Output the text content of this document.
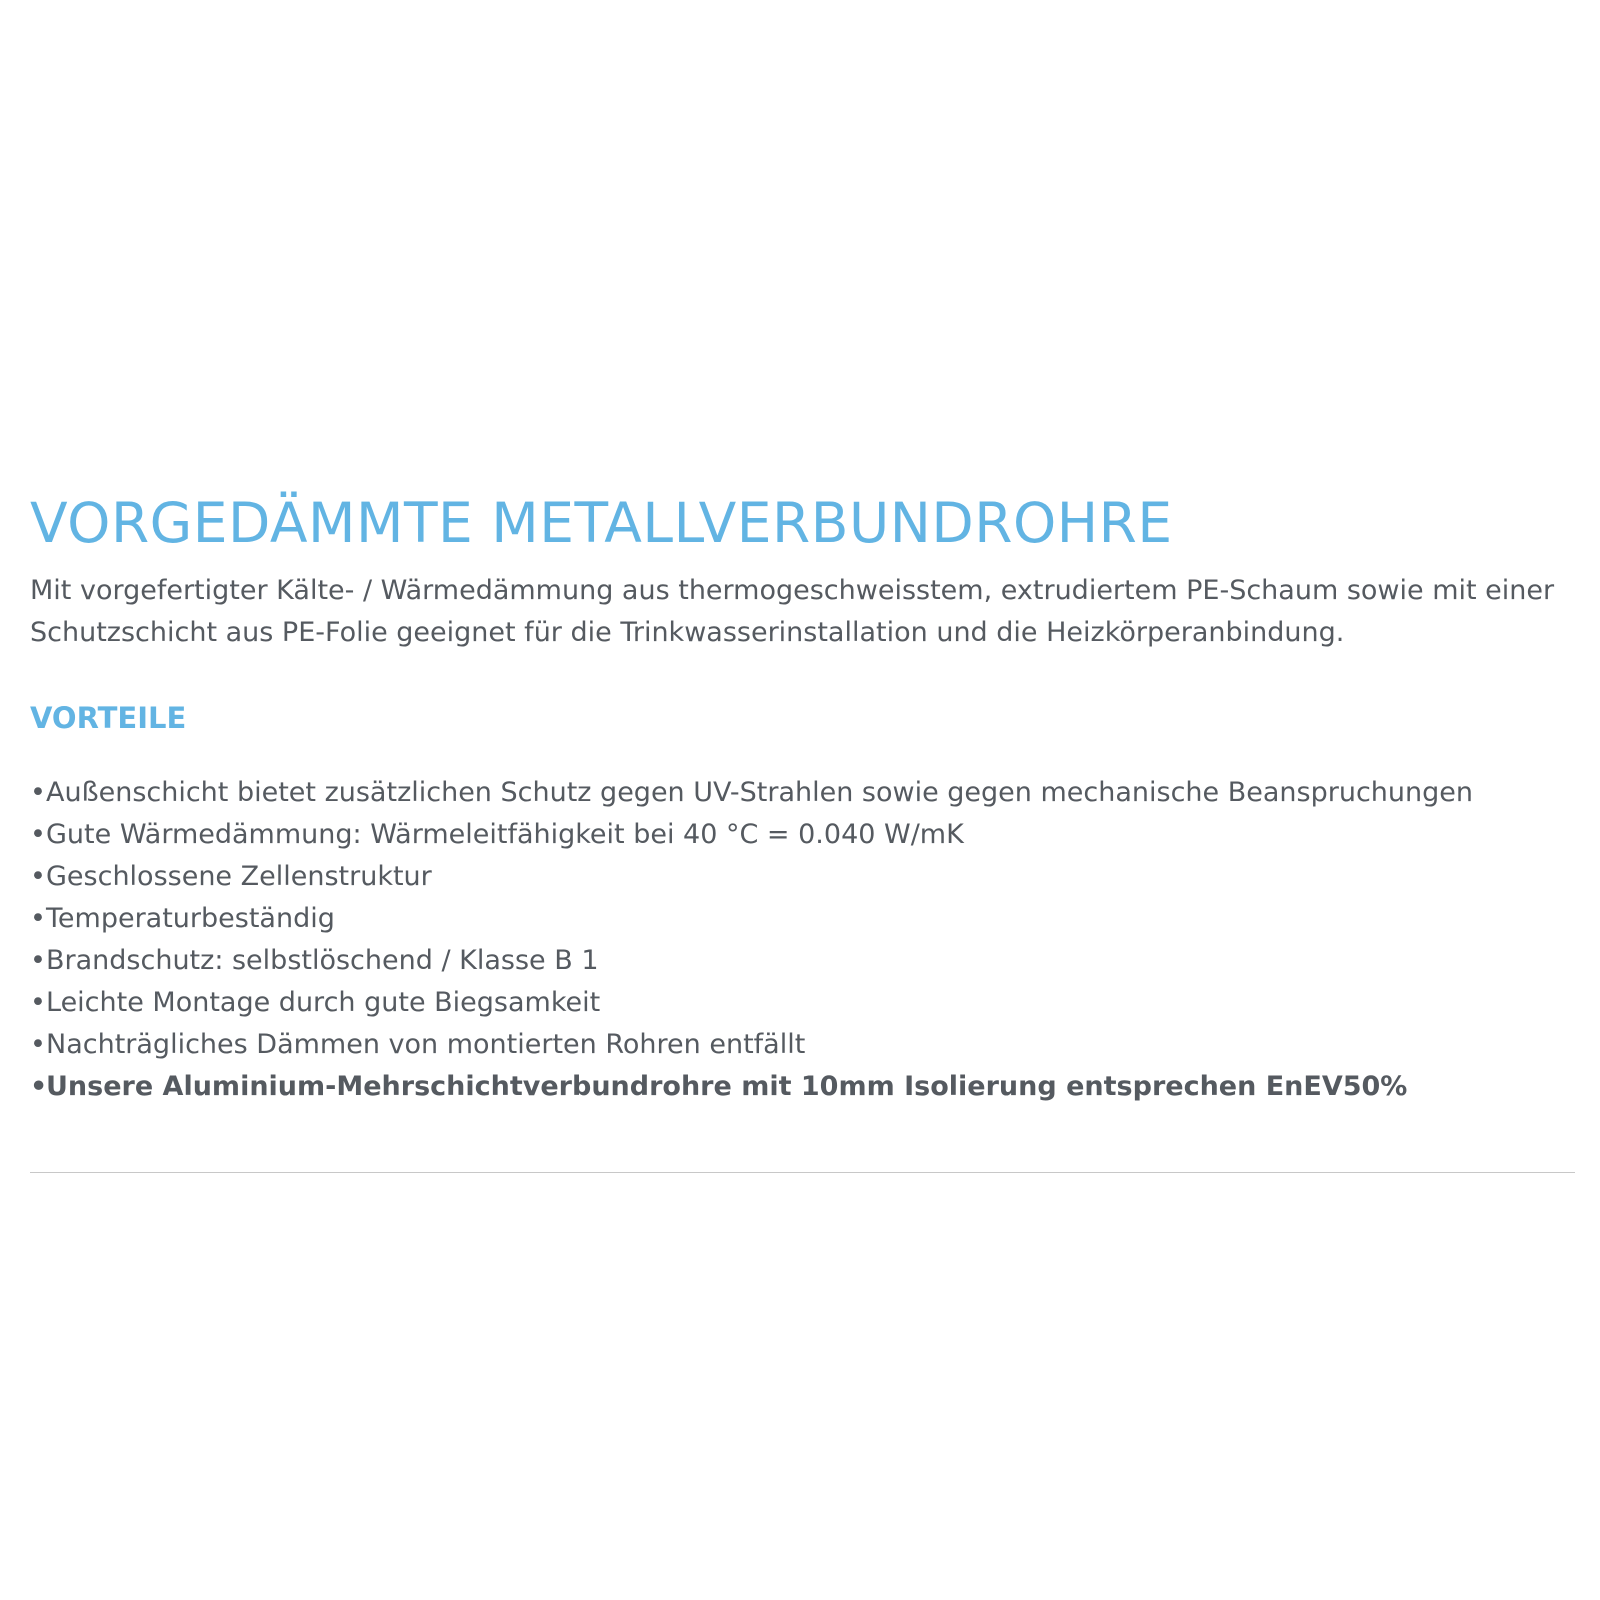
VORGEDÄMMTE METALLVERBUNDROHRE

Mit vorgefertigter Kälte- / Wärmedämmung aus thermogeschweisstem, extrudiertem PE-Schaum sowie mit einer Schutzschicht aus PE-Folie geeignet für die Trinkwasserinstallation und die Heizkörperanbindung.

VORTEILE
•Außenschicht bietet zusätzlichen Schutz gegen UV-Strahlen sowie gegen mechanische Beanspruchungen
•Gute Wärmedämmung: Wärmeleitfähigkeit bei 40 °C = 0.040 W/mK
•Geschlossene Zellenstruktur
•Temperaturbeständig
•Brandschutz: selbstlöschend / Klasse B 1
•Leichte Montage durch gute Biegsamkeit
•Nachträgliches Dämmen von montierten Rohren entfällt
•Unsere Aluminium-Mehrschichtverbundrohre mit 10mm Isolierung entsprechen EnEV50%
